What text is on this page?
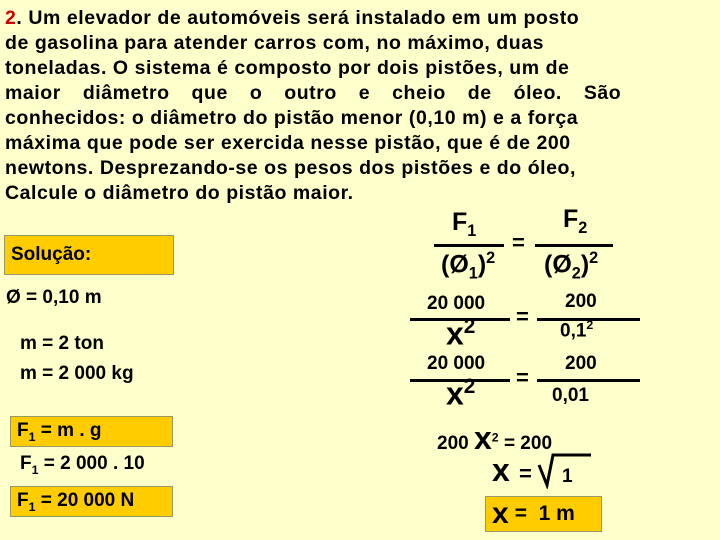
2. Um elevador de automóveis será instalado em um posto
de gasolina para atender carros com, no máximo, duas
toneladas. O sistema é composto por dois pistões, um de
maior diâmetro que o outro e cheio de óleo. São
conhecidos: o diâmetro do pistão menor (0,10 m) e a força
máxima que pode ser exercida nesse pistão, que é de 200
newtons. Desprezando-se os pesos dos pistões e do óleo,
Calcule o diâmetro do pistão maior.
Solução:
Ø = 0,10 m
m = 2 ton
m = 2 000 kg
$F_1 = m$ . g
$F_1 = 2$ 000 . 10
$F_1 = 20$ 000 N
$F_1$
$(Ø_1)^2$
=
$F_2$
$(Ø_2)^2$
20 000
$x^2$ =
200
$0,1^2$
20 000
$x^2$ =
200
0,01
200 $x^2 = 200$
x = 1
x =  1 m
